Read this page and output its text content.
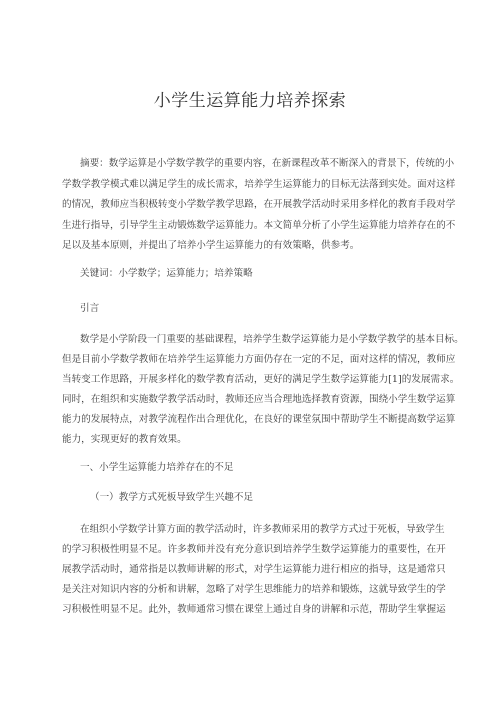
小学生运算能力培养探索
摘要：数学运算是小学数学教学的重要内容，在新课程改革不断深入的背景下，传统的小
学数学教学模式难以满足学生的成长需求，培养学生运算能力的目标无法落到实处。面对这样
的情况，教师应当积极转变小学数学教学思路，在开展教学活动时采用多样化的教育手段对学
生进行指导，引导学生主动锻炼数学运算能力。本文简单分析了小学生运算能力培养存在的不
足以及基本原则，并提出了培养小学生运算能力的有效策略，供参考。
关键词：小学数学；运算能力；培养策略
引言
数学是小学阶段一门重要的基础课程，培养学生数学运算能力是小学数学教学的基本目标。
但是目前小学数学教师在培养学生运算能力方面仍存在一定的不足，面对这样的情况，教师应
当转变工作思路，开展多样化的数学教育活动，更好的满足学生数学运算能力[1]的发展需求。
同时，在组织和实施数学教学活动时，教师还应当合理地选择教育资源，围绕小学生数学运算
能力的发展特点，对教学流程作出合理优化，在良好的课堂氛围中帮助学生不断提高数学运算
能力，实现更好的教育效果。
一、小学生运算能力培养存在的不足
（一）教学方式死板导致学生兴趣不足
在组织小学数学计算方面的教学活动时，许多教师采用的教学方式过于死板，导致学生
的学习积极性明显不足。许多教师并没有充分意识到培养学生数学运算能力的重要性，在开
展教学活动时，通常指是以教师讲解的形式，对学生运算能力进行相应的指导，这是通常只
是关注对知识内容的分析和讲解，忽略了对学生思维能力的培养和锻炼，这就导致学生的学
习积极性明显不足。此外，教师通常习惯在课堂上通过自身的讲解和示范，帮助学生掌握运
